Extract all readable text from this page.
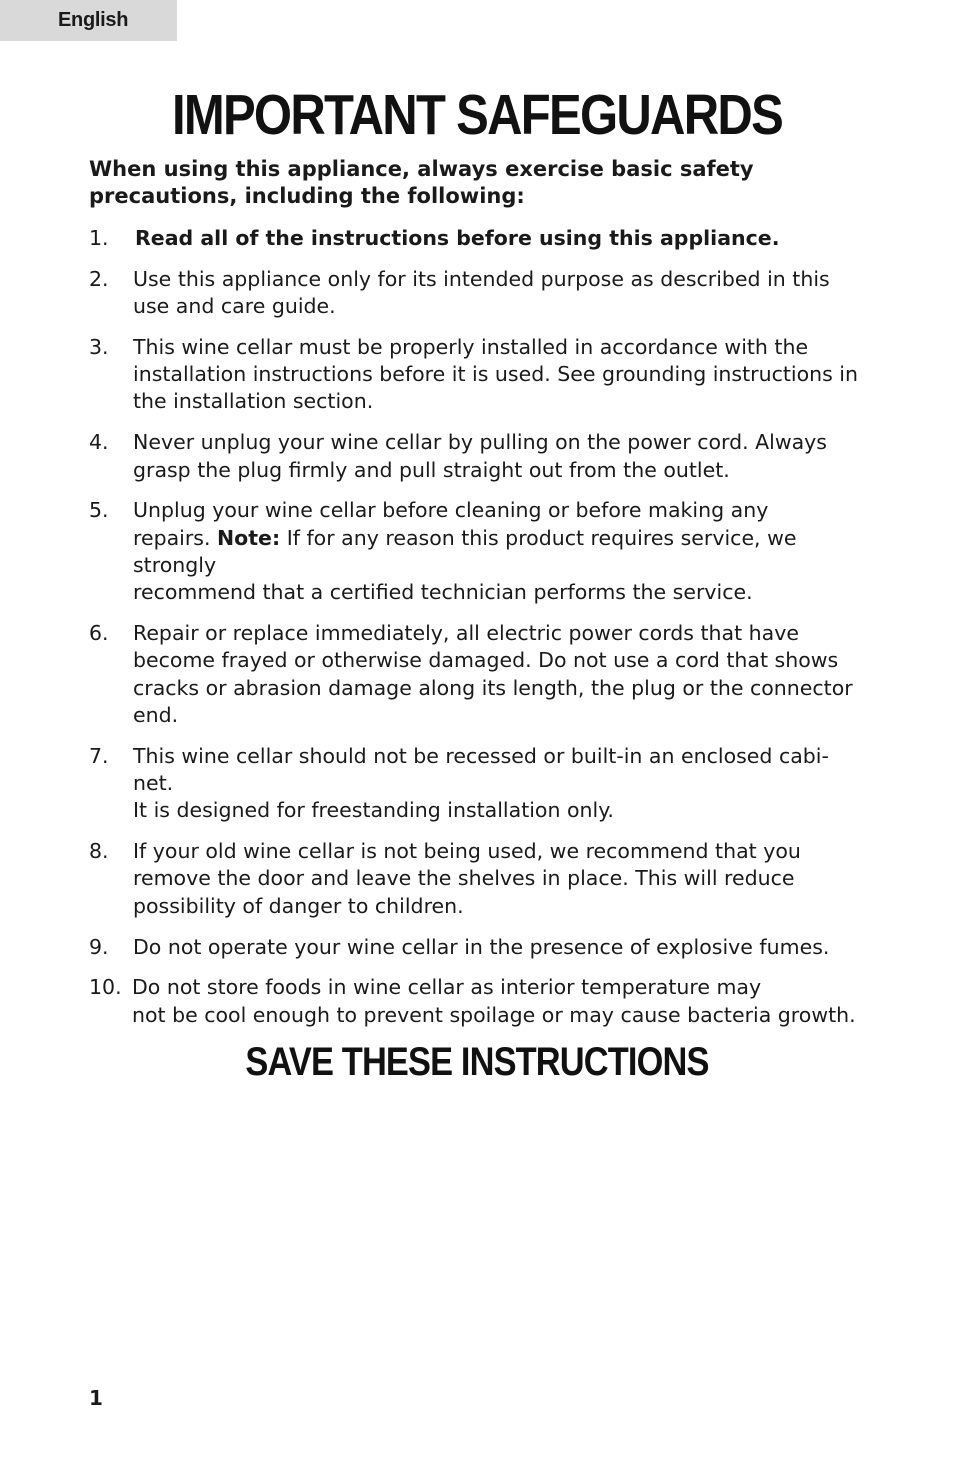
English
IMPORTANT SAFEGUARDS

When using this appliance, always exercise basic safety precautions, including the following:

1.	Read all of the instructions before using this appliance.
2.	Use this appliance only for its intended purpose as described in this
use and care guide.
3.	This wine cellar must be properly installed in accordance with the
installation instructions before it is used. See grounding instructions in
the installation section.
4.	Never unplug your wine cellar by pulling on the power cord. Always
grasp the plug firmly and pull straight out from the outlet.
5.	Unplug your wine cellar before cleaning or before making any
repairs. Note: If for any reason this product requires service, we
strongly
recommend that a certified technician performs the service.
6.	Repair or replace immediately, all electric power cords that have
become frayed or otherwise damaged. Do not use a cord that shows
cracks or abrasion damage along its length, the plug or the connector
end.
7.	This wine cellar should not be recessed or built-in an enclosed cabi-
net.
It is designed for freestanding installation only.
8.	If your old wine cellar is not being used, we recommend that you
remove the door and leave the shelves in place. This will reduce
possibility of danger to children.
9.	Do not operate your wine cellar in the presence of explosive fumes.
10. Do not store foods in wine cellar as interior temperature may
not be cool enough to prevent spoilage or may cause bacteria growth.
SAVE THESE INSTRUCTIONS
1
